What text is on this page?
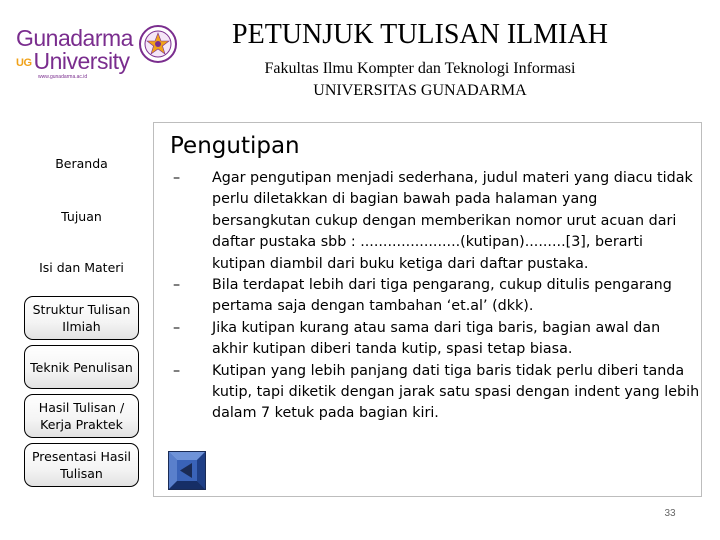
Gunadarma
UGUniversity
www.gunadarma.ac.id
PETUNJUK TULISAN ILMIAH
Fakultas Ilmu Kompter dan Teknologi Informasi
UNIVERSITAS GUNADARMA
Beranda
Tujuan
Isi dan Materi
Struktur Tulisan Ilmiah
Teknik Penulisan
Hasil Tulisan / Kerja Praktek
Presentasi Hasil Tulisan
Pengutipan
–	Agar pengutipan menjadi sederhana, judul materi yang diacu tidak perlu diletakkan di bagian bawah pada halaman yang bersangkutan cukup dengan memberikan nomor urut acuan dari daftar pustaka sbb : ......................(kutipan).........[3], berarti kutipan diambil dari buku ketiga dari daftar pustaka.
–	Bila terdapat lebih dari tiga pengarang, cukup ditulis pengarang pertama saja dengan tambahan ‘et.al’ (dkk).
–	Jika kutipan kurang atau sama dari tiga baris, bagian awal dan akhir kutipan diberi tanda kutip, spasi tetap biasa.
–	Kutipan yang lebih panjang dati tiga baris tidak perlu diberi tanda kutip, tapi diketik dengan jarak satu spasi dengan indent yang lebih dalam 7 ketuk pada bagian kiri.
33
